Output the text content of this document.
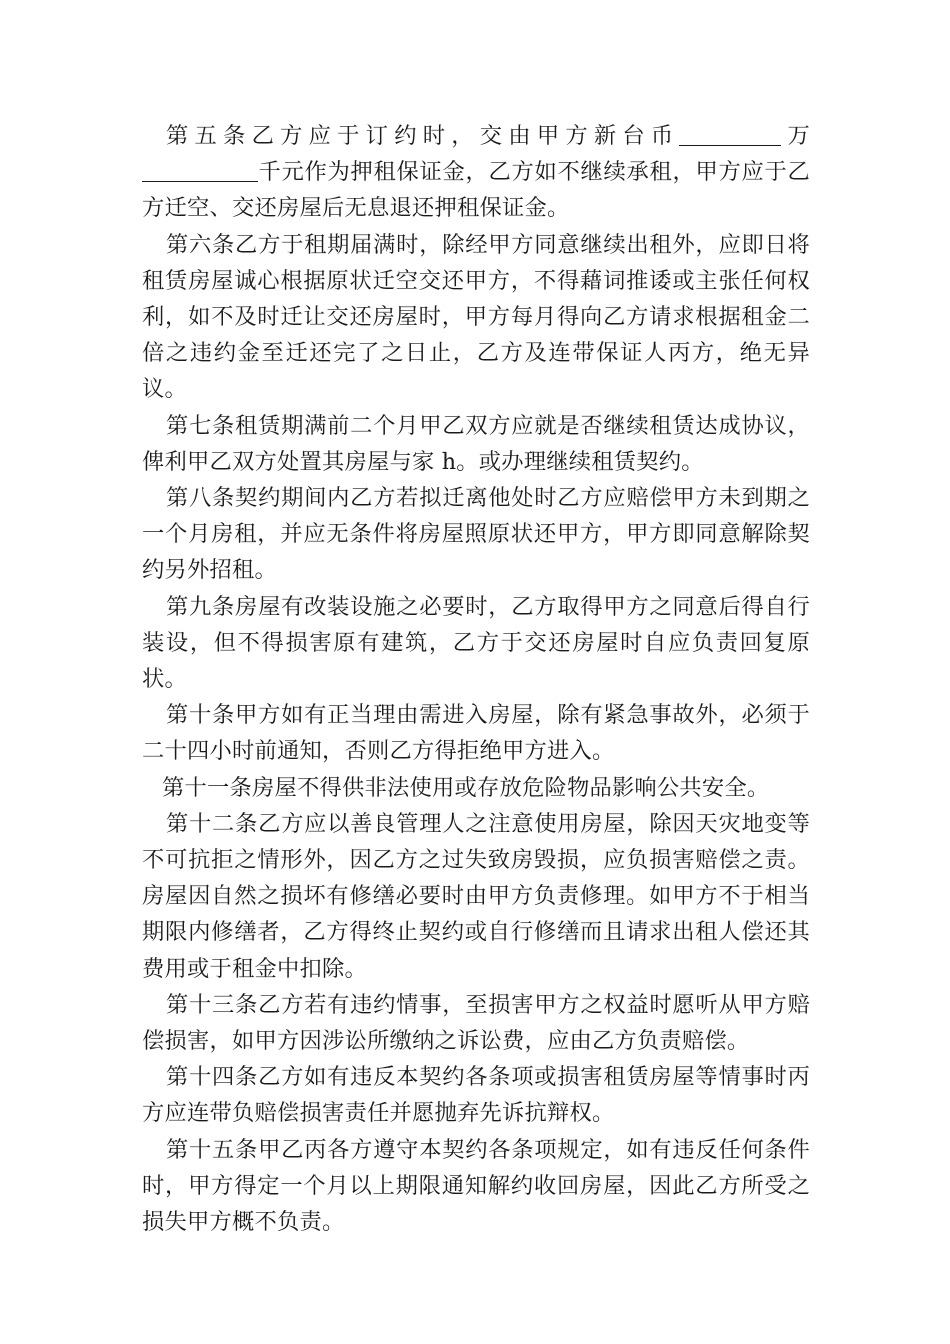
第五条乙方应于订约时，交由甲方新台币	万千元作为押租保证金，乙方如不继续承租，甲方应于乙方迁空、交还房屋后无息退还押租保证金。

第六条乙方于租期届满时，除经甲方同意继续出租外，应即日将租赁房屋诚心根据原状迁空交还甲方，不得藉词推诿或主张任何权利，如不及时迁让交还房屋时，甲方每月得向乙方请求根据租金二倍之违约金至迁还完了之日止，乙方及连带保证人丙方，绝无异议。

第七条租赁期满前二个月甲乙双方应就是否继续租赁达成协议，俾利甲乙双方处置其房屋与家 h。或办理继续租赁契约。

第八条契约期间内乙方若拟迁离他处时乙方应赔偿甲方未到期之一个月房租，并应无条件将房屋照原状还甲方，甲方即同意解除契约另外招租。

第九条房屋有改装设施之必要时，乙方取得甲方之同意后得自行装设，但不得损害原有建筑，乙方于交还房屋时自应负责回复原状。

第十条甲方如有正当理由需进入房屋，除有紧急事故外，必须于二十四小时前通知，否则乙方得拒绝甲方进入。

第十一条房屋不得供非法使用或存放危险物品影响公共安全。

第十二条乙方应以善良管理人之注意使用房屋，除因天灾地变等不可抗拒之情形外，因乙方之过失致房毁损，应负损害赔偿之责。房屋因自然之损坏有修缮必要时由甲方负责修理。如甲方不于相当期限内修缮者，乙方得终止契约或自行修缮而且请求出租人偿还其费用或于租金中扣除。

第十三条乙方若有违约情事，至损害甲方之权益时愿听从甲方赔偿损害，如甲方因涉讼所缴纳之诉讼费，应由乙方负责赔偿。

第十四条乙方如有违反本契约各条项或损害租赁房屋等情事时丙方应连带负赔偿损害责任并愿抛弃先诉抗辩权。

第十五条甲乙丙各方遵守本契约各条项规定，如有违反任何条件时，甲方得定一个月以上期限通知解约收回房屋，因此乙方所受之损失甲方概不负责。
